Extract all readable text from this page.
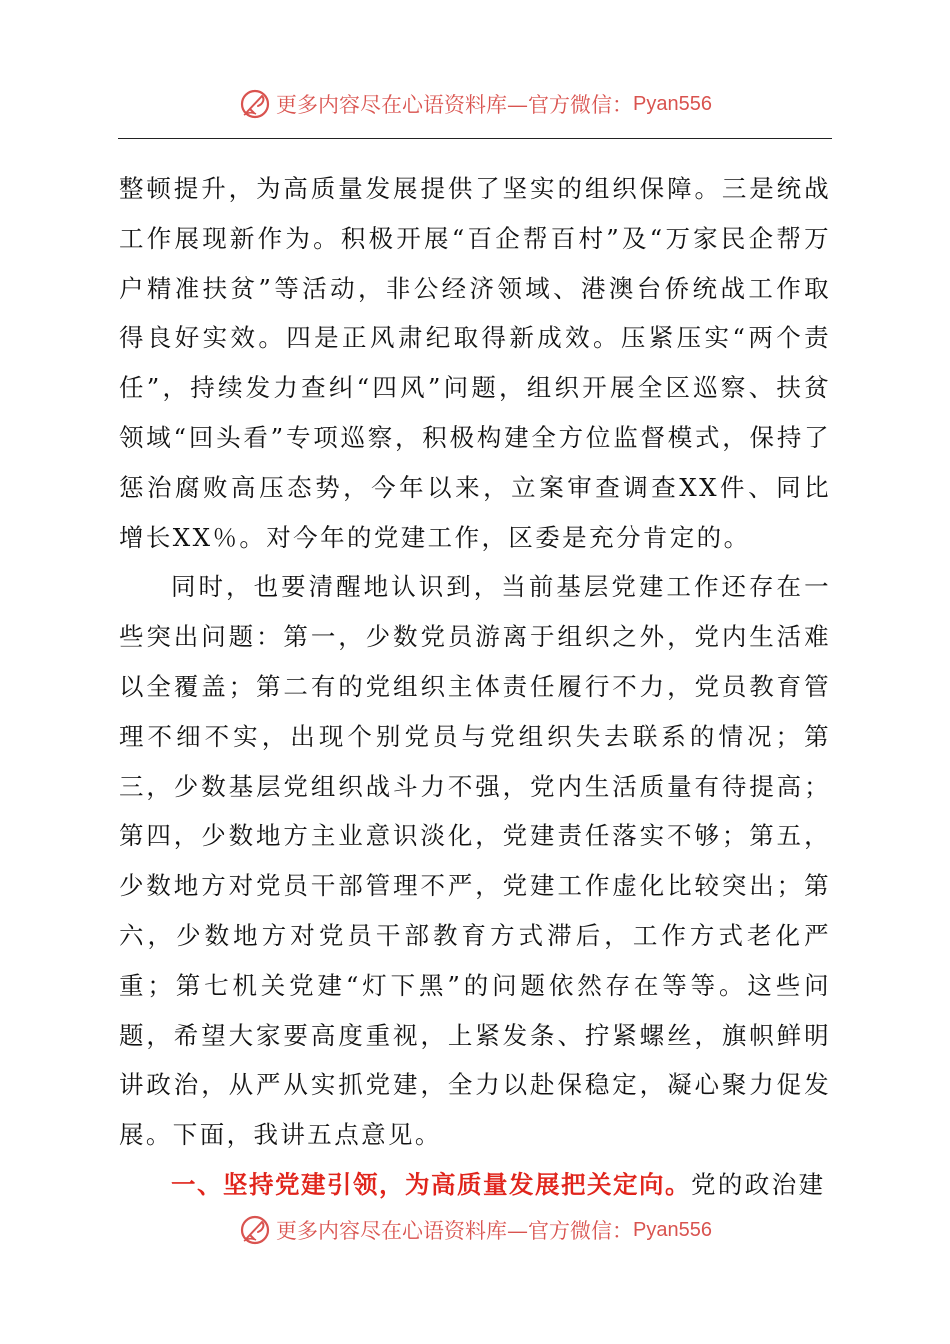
更多内容尽在心语资料库—官方微信： Pyan556

整顿提升，为高质量发展提供了坚实的组织保障。三是统战工作展现新作为。积极开展“百企帮百村”及“万家民企帮万户精准扶贫”等活动，非公经济领域、港澳台侨统战工作取得良好实效。四是正风肃纪取得新成效。压紧压实“两个责任”，持续发力查纠“四风”问题，组织开展全区巡察、扶贫领域“回头看”专项巡察，积极构建全方位监督模式，保持了惩治腐败高压态势，今年以来，立案审查调查XX件、同比增长XX％。对今年的党建工作，区委是充分肯定的。

同时，也要清醒地认识到，当前基层党建工作还存在一些突出问题：第一，少数党员游离于组织之外，党内生活难以全覆盖；第二有的党组织主体责任履行不力，党员教育管理不细不实，出现个别党员与党组织失去联系的情况；第三，少数基层党组织战斗力不强，党内生活质量有待提高；第四，少数地方主业意识淡化，党建责任落实不够；第五，少数地方对党员干部管理不严，党建工作虚化比较突出；第六，少数地方对党员干部教育方式滞后，工作方式老化严重；第七机关党建“灯下黑”的问题依然存在等等。这些问题，希望大家要高度重视，上紧发条、拧紧螺丝，旗帜鲜明讲政治，从严从实抓党建，全力以赴保稳定，凝心聚力促发展。下面，我讲五点意见。

一、坚持党建引领，为高质量发展把关定向。党的政治建

更多内容尽在心语资料库—官方微信： Pyan556
